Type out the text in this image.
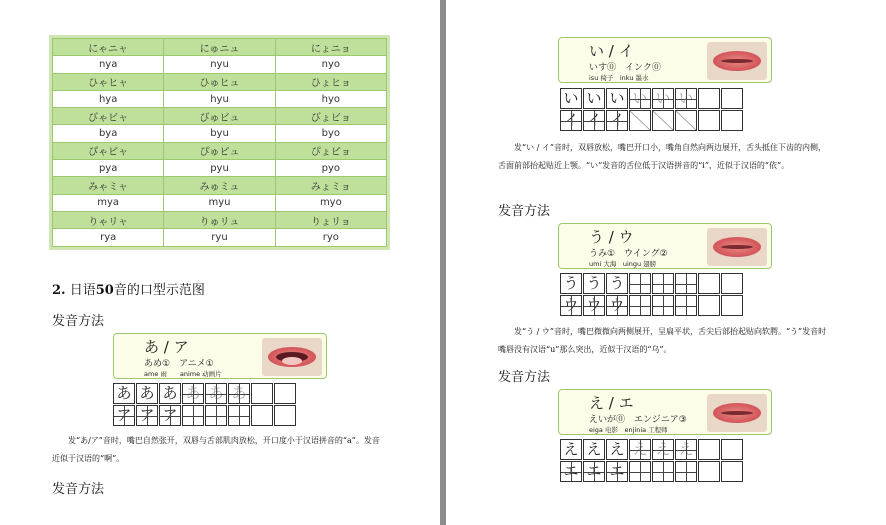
にゃニャ	にゅニュ	にょニョ
nya	nyu	nyo
ひゃヒャ	ひゅヒュ	ひょヒョ
hya	hyu	hyo
びゃビャ	びゅビュ	びょビョ
bya	byu	byo
ぴゃピャ	ぴゅピュ	ぴょピョ
pya	pyu	pyo
みゃミャ	みゅミュ	みょミョ
mya	myu	myo
りゃリャ	りゅリュ	りょリョ
rya	ryu	ryo
2. 日语50音的口型示范图
发音方法
あ / ア
あめ①　アニメ①
ame 雨　　anime 动画片
あ あ あ あ あ あ
ア ア ア
发“あ/ア”音时，嘴巴自然张开，双唇与舌部肌肉放松，开口度小于汉语拼音的“a”。发音近似于汉语的“啊”。
发音方法
い / イ
いす⓪　インク⓪
isu 椅子　inku 墨水
い い い い い い
イ イ イ
发“い / イ”音时，双唇放松，嘴巴开口小，嘴角自然向两边展开，舌头抵住下齿的内侧，舌面前部抬起贴近上颚。“い”发音的舌位低于汉语拼音的“i”，近似于汉语的“依”。
发音方法
う / ウ
うみ①　ウイング②
umi 大海　uingu 翅膀
う う う
ウ ウ ウ
发“う / ウ”音时，嘴巴微微向两侧展开，呈扁平状，舌尖后部抬起贴向软腭。“う”发音时嘴唇没有汉语“u”那么突出，近似于汉语的“乌”。
发音方法
え / エ
えいが⓪　エンジニア③
eiga 电影　enjinia 工程师
え え え え え え
エ エ エ
